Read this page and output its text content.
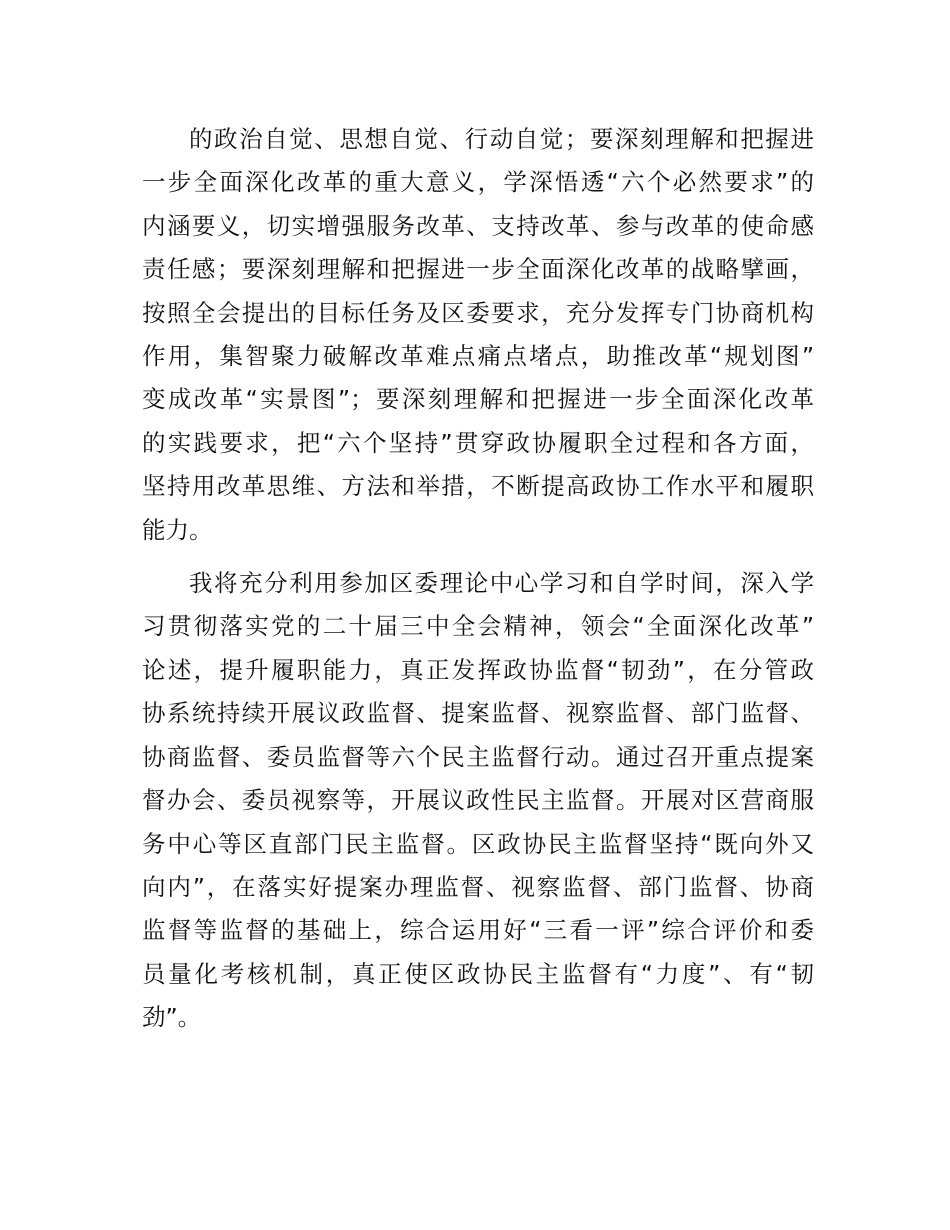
的政治自觉、思想自觉、行动自觉；要深刻理解和把握进
一步全面深化改革的重大意义，学深悟透“六个必然要求”的
内涵要义，切实增强服务改革、支持改革、参与改革的使命感
责任感；要深刻理解和把握进一步全面深化改革的战略擘画，
按照全会提出的目标任务及区委要求，充分发挥专门协商机构
作用，集智聚力破解改革难点痛点堵点，助推改革“规划图”
变成改革“实景图”；要深刻理解和把握进一步全面深化改革
的实践要求，把“六个坚持”贯穿政协履职全过程和各方面，
坚持用改革思维、方法和举措，不断提高政协工作水平和履职
能力。

我将充分利用参加区委理论中心学习和自学时间，深入学
习贯彻落实党的二十届三中全会精神，领会“全面深化改革”
论述，提升履职能力，真正发挥政协监督“韧劲”，在分管政
协系统持续开展议政监督、提案监督、视察监督、部门监督、
协商监督、委员监督等六个民主监督行动。通过召开重点提案
督办会、委员视察等，开展议政性民主监督。开展对区营商服
务中心等区直部门民主监督。区政协民主监督坚持“既向外又
向内”，在落实好提案办理监督、视察监督、部门监督、协商
监督等监督的基础上，综合运用好“三看一评”综合评价和委
员量化考核机制，真正使区政协民主监督有“力度”、有“韧
劲”。
